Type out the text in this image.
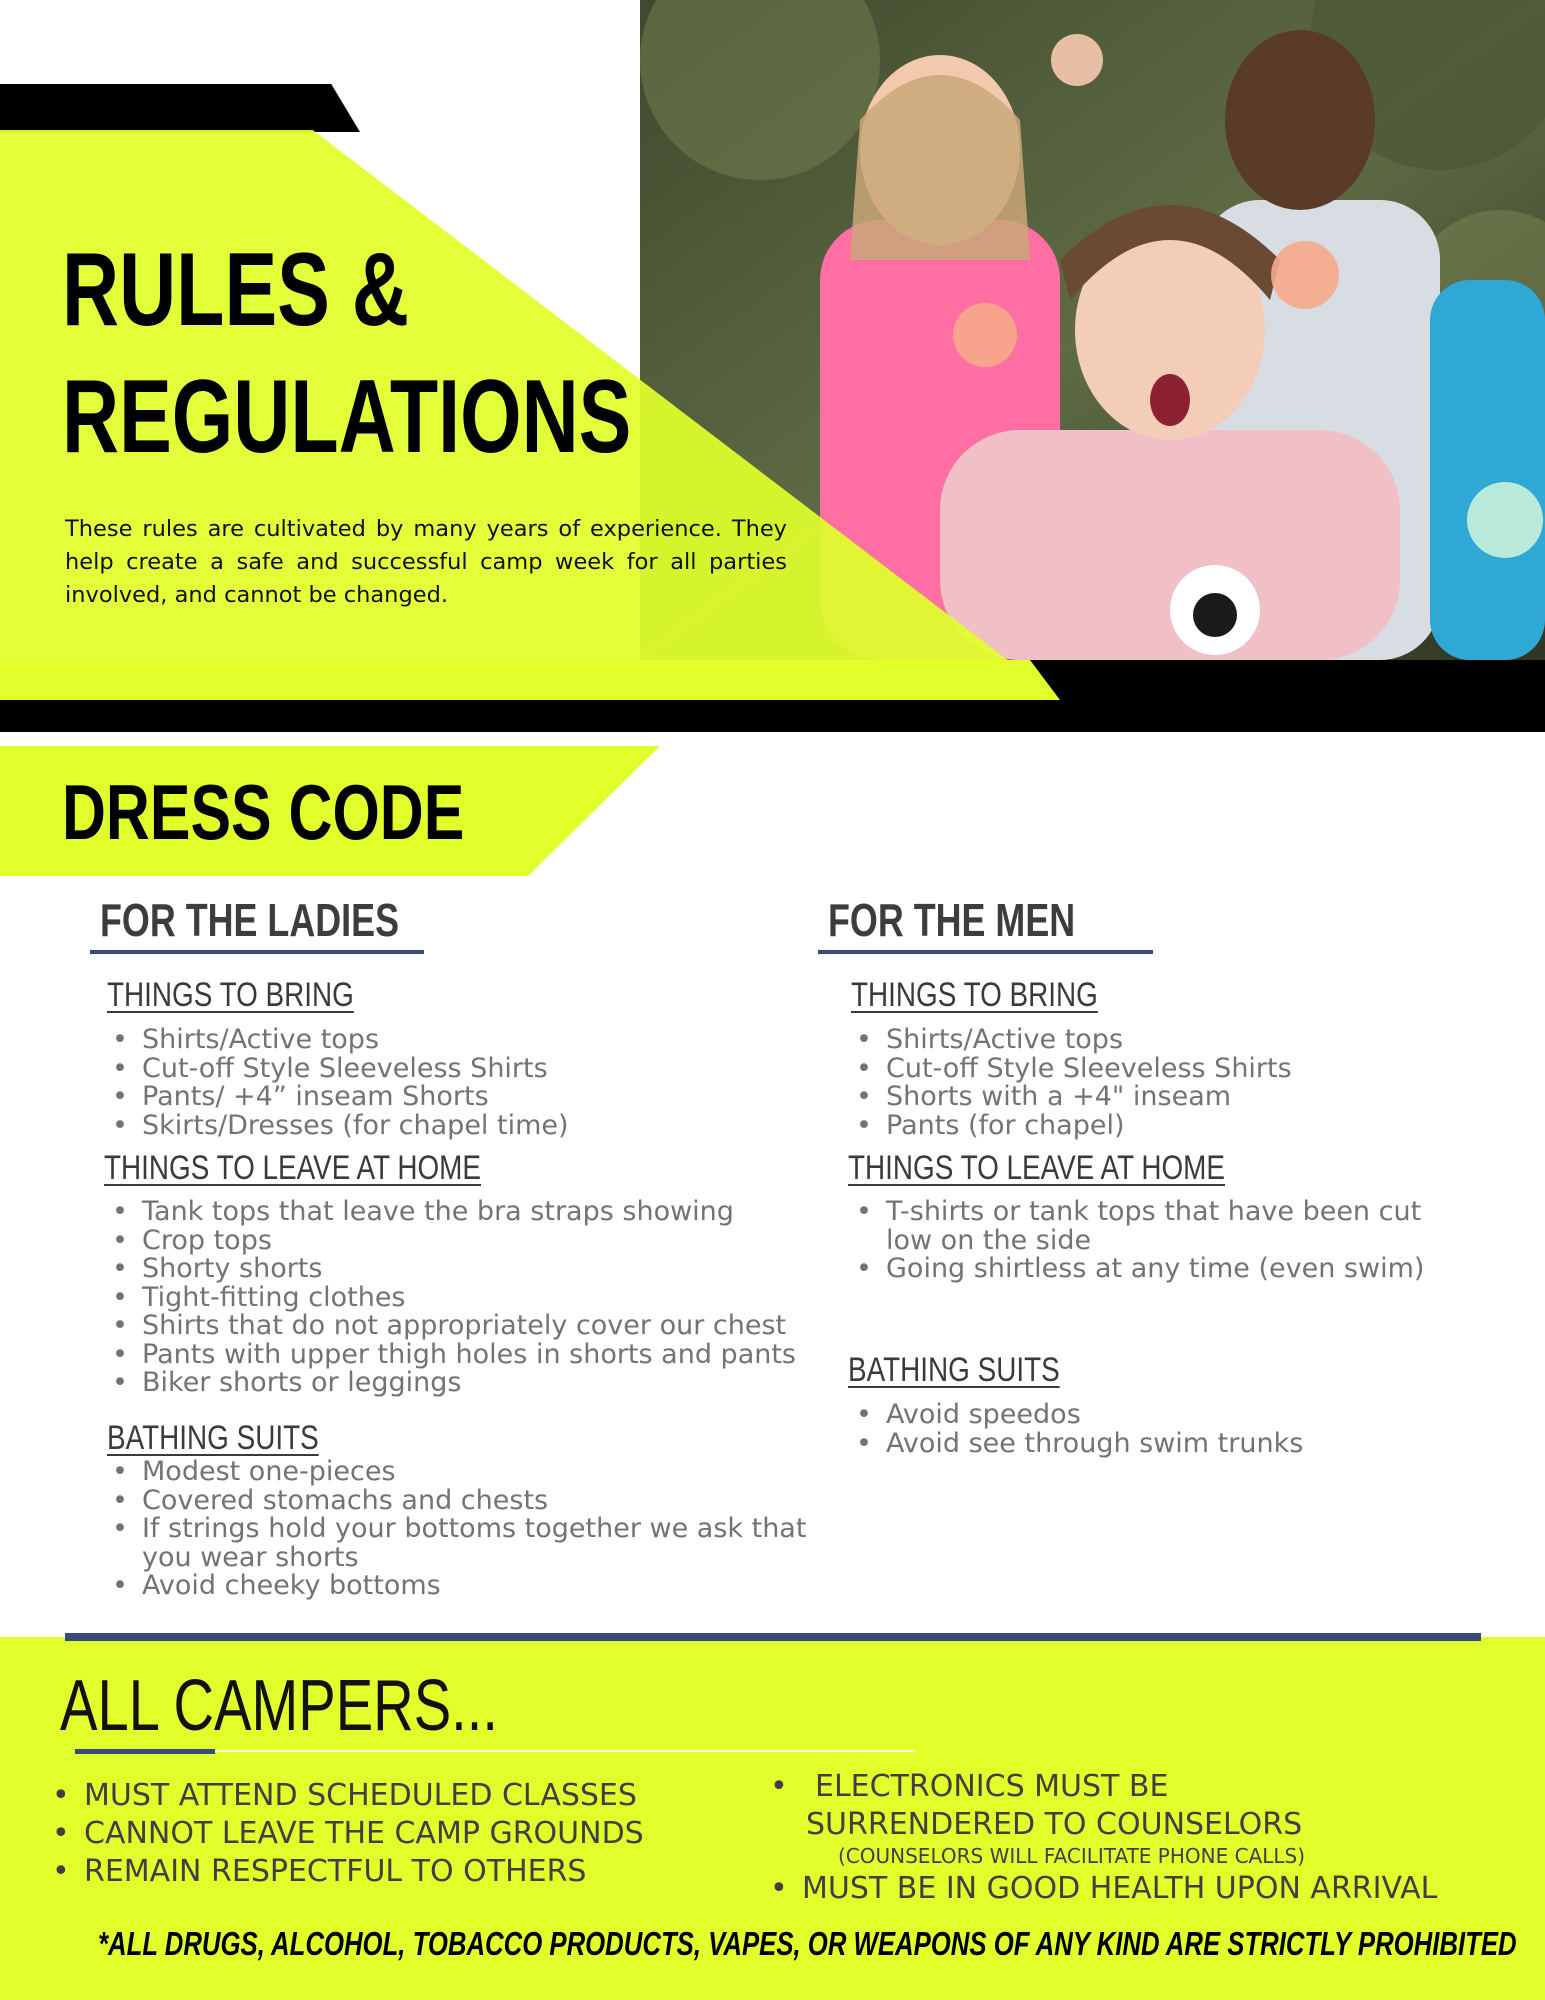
RULES &
REGULATIONS
These rules are cultivated by many years of experience. They help create a safe and successful camp week for all parties involved, and cannot be changed.
DRESS CODE
FOR THE LADIES
THINGS TO BRING
• Shirts/Active tops
• Cut-off Style Sleeveless Shirts
• Pants/ +4” inseam Shorts
• Skirts/Dresses (for chapel time)
THINGS TO LEAVE AT HOME
• Tank tops that leave the bra straps showing
• Crop tops
• Shorty shorts
• Tight-fitting clothes
• Shirts that do not appropriately cover our chest
• Pants with upper thigh holes in shorts and pants
• Biker shorts or leggings
BATHING SUITS
• Modest one-pieces
• Covered stomachs and chests
• If strings hold your bottoms together we ask that you wear shorts
• Avoid cheeky bottoms
FOR THE MEN
THINGS TO BRING
• Shirts/Active tops
• Cut-off Style Sleeveless Shirts
• Shorts with a +4" inseam
• Pants (for chapel)
THINGS TO LEAVE AT HOME
• T-shirts or tank tops that have been cut low on the side
• Going shirtless at any time (even swim)
BATHING SUITS
• Avoid speedos
• Avoid see through swim trunks
ALL CAMPERS...
• MUST ATTEND SCHEDULED CLASSES
• CANNOT LEAVE THE CAMP GROUNDS
• REMAIN RESPECTFUL TO OTHERS
• ELECTRONICS MUST BE
SURRENDERED TO COUNSELORS
(COUNSELORS WILL FACILITATE PHONE CALLS)
• MUST BE IN GOOD HEALTH UPON ARRIVAL
*ALL DRUGS, ALCOHOL, TOBACCO PRODUCTS, VAPES, OR WEAPONS OF ANY KIND ARE STRICTLY PROHIBITED
